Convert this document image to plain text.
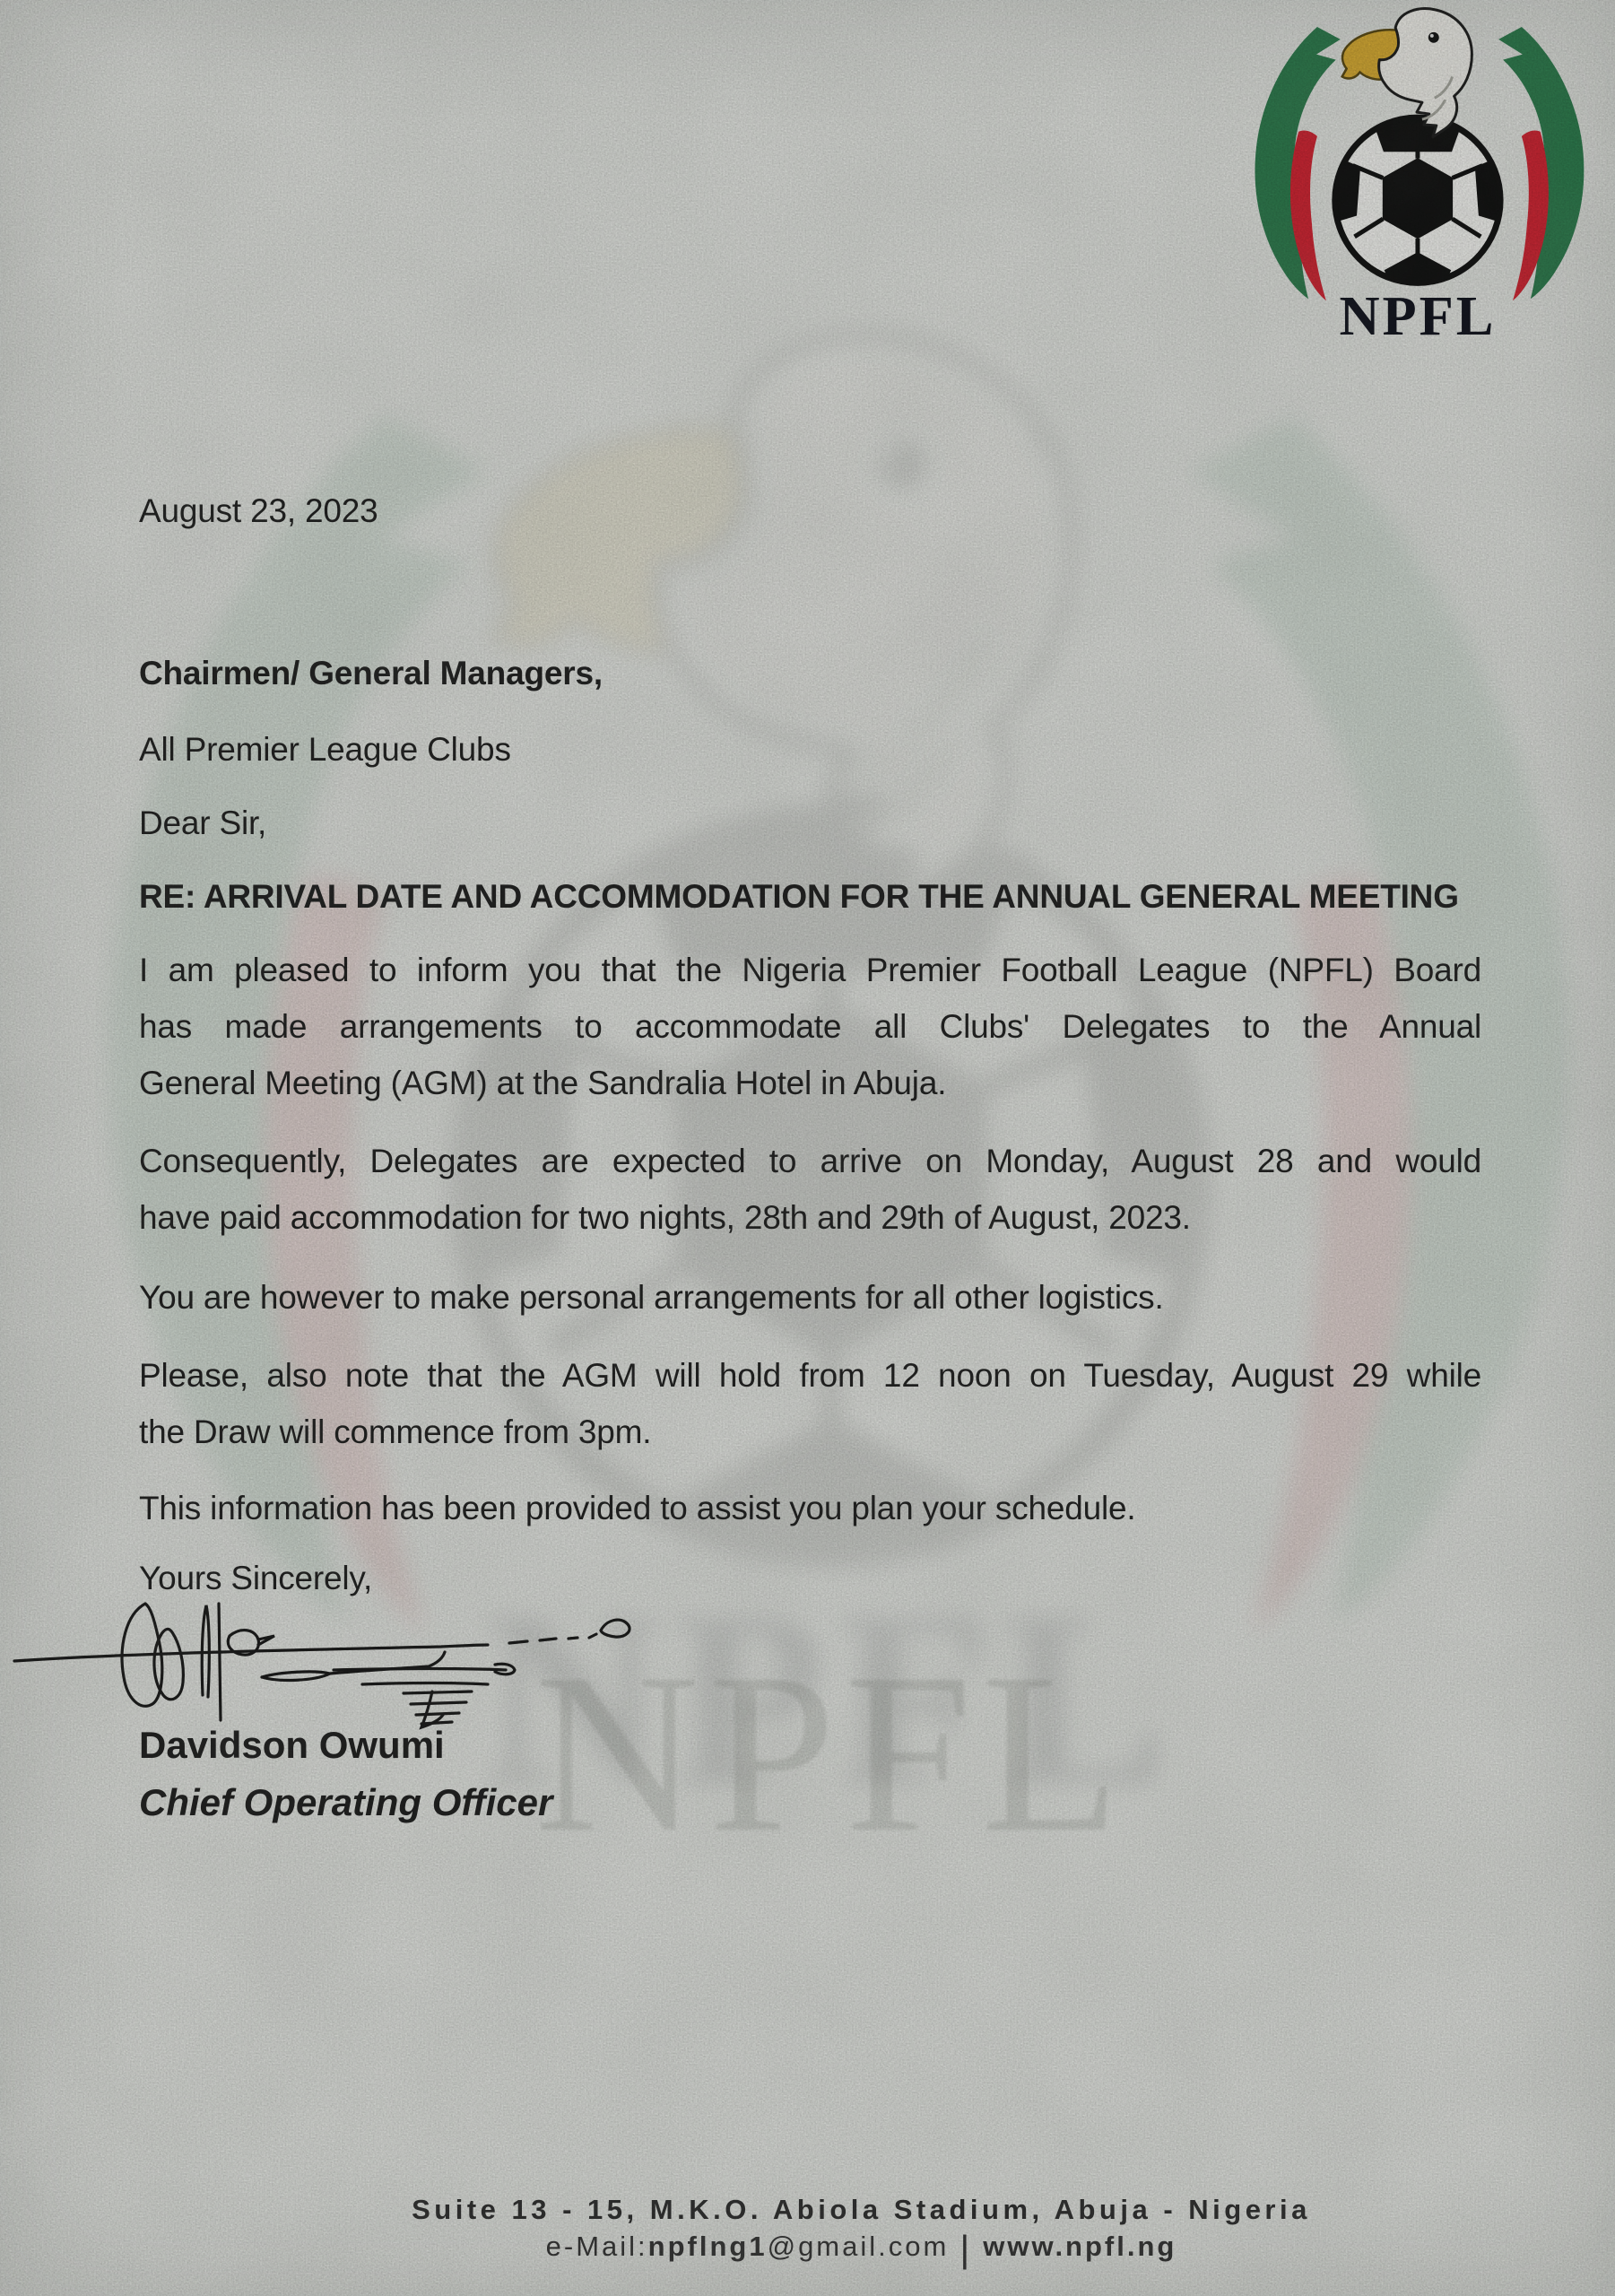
NPFL
August 23, 2023
Chairmen/ General Managers,
All Premier League Clubs
Dear Sir,
RE: ARRIVAL DATE AND ACCOMMODATION FOR THE ANNUAL GENERAL MEETING
I am pleased to inform you that the Nigeria Premier Football League (NPFL) Board
has made arrangements to accommodate all Clubs' Delegates to the Annual
General Meeting (AGM) at the Sandralia Hotel in Abuja.
Consequently, Delegates are expected to arrive on Monday, August 28 and would
have paid accommodation for two nights, 28th and 29th of August, 2023.
You are however to make personal arrangements for all other logistics.
Please, also note that the AGM will hold from 12 noon on Tuesday, August 29 while
the Draw will commence from 3pm.
This information has been provided to assist you plan your schedule.
Yours Sincerely,
Davidson Owumi
Chief Operating Officer
Suite 13 - 15, M.K.O. Abiola Stadium, Abuja - Nigeria
e-Mail:npflng1@gmail.com | www.npfl.ng
